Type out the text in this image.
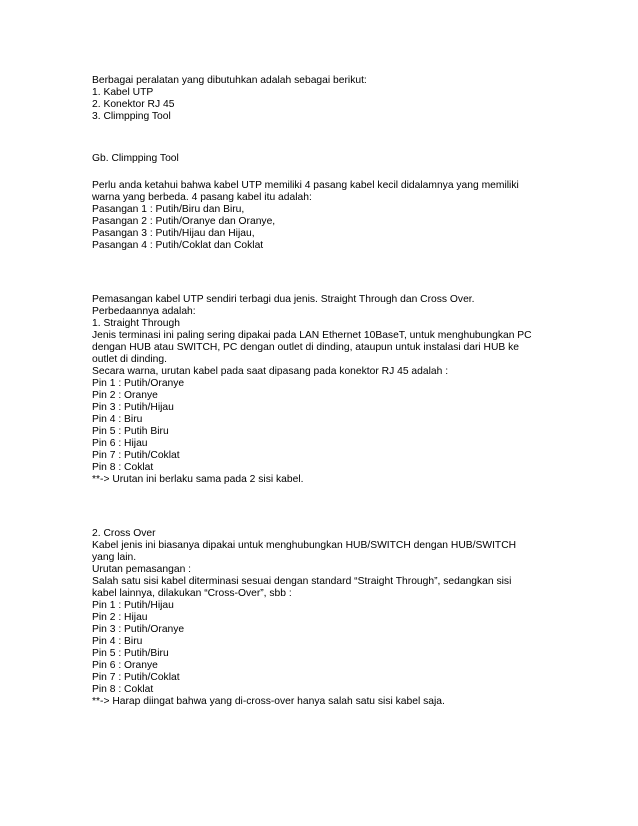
Berbagai peralatan yang dibutuhkan adalah sebagai berikut:
1. Kabel UTP
2. Konektor RJ 45
3. Climpping Tool
Gb. Climpping Tool
Perlu anda ketahui bahwa kabel UTP memiliki 4 pasang kabel kecil didalamnya yang memiliki
warna yang berbeda. 4 pasang kabel itu adalah:
Pasangan 1 : Putih/Biru dan Biru,
Pasangan 2 : Putih/Oranye dan Oranye,
Pasangan 3 : Putih/Hijau dan Hijau,
Pasangan 4 : Putih/Coklat dan Coklat
Pemasangan kabel UTP sendiri terbagi dua jenis. Straight Through dan Cross Over.
Perbedaannya adalah:
1. Straight Through
Jenis terminasi ini paling sering dipakai pada LAN Ethernet 10BaseT, untuk menghubungkan PC
dengan HUB atau SWITCH, PC dengan outlet di dinding, ataupun untuk instalasi dari HUB ke
outlet di dinding.
Secara warna, urutan kabel pada saat dipasang pada konektor RJ 45 adalah :
Pin 1 : Putih/Oranye
Pin 2 : Oranye
Pin 3 : Putih/Hijau
Pin 4 : Biru
Pin 5 : Putih Biru
Pin 6 : Hijau
Pin 7 : Putih/Coklat
Pin 8 : Coklat
**-> Urutan ini berlaku sama pada 2 sisi kabel.
2. Cross Over
Kabel jenis ini biasanya dipakai untuk menghubungkan HUB/SWITCH dengan HUB/SWITCH
yang lain.
Urutan pemasangan :
Salah satu sisi kabel diterminasi sesuai dengan standard “Straight Through”, sedangkan sisi
kabel lainnya, dilakukan “Cross-Over”, sbb :
Pin 1 : Putih/Hijau
Pin 2 : Hijau
Pin 3 : Putih/Oranye
Pin 4 : Biru
Pin 5 : Putih/Biru
Pin 6 : Oranye
Pin 7 : Putih/Coklat
Pin 8 : Coklat
**-> Harap diingat bahwa yang di-cross-over hanya salah satu sisi kabel saja.
